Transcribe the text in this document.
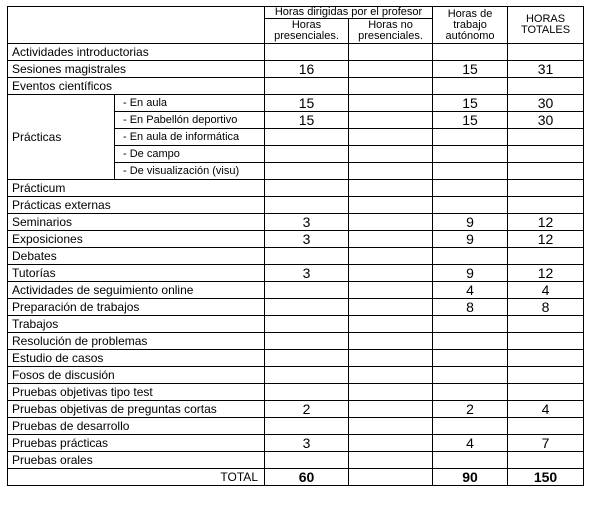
		Horas dirigidas por el profesor		Horas de trabajo autónomo	HORAS TOTALES
		Horas presenciales.	Horas no presenciales.		
Actividades introductorias					
Sesiones magistrales		16		15	31
Eventos científicos					
Prácticas	- En aula	15		15	30
	- En Pabellón deportivo	15		15	30
	- En aula de informática				
	- De campo				
	- De visualización (visu)				
Prácticum					
Prácticas externas					
Seminarios		3		9	12
Exposiciones		3		9	12
Debates					
Tutorías		3		9	12
Actividades de seguimiento online				4	4
Preparación de trabajos				8	8
Trabajos					
Resolución de problemas					
Estudio de casos					
Fosos de discusión					
Pruebas objetivas tipo test					
Pruebas objetivas de preguntas cortas		2		2	4
Pruebas de desarrollo					
Pruebas prácticas		3		4	7
Pruebas orales					
TOTAL		60		90	150
